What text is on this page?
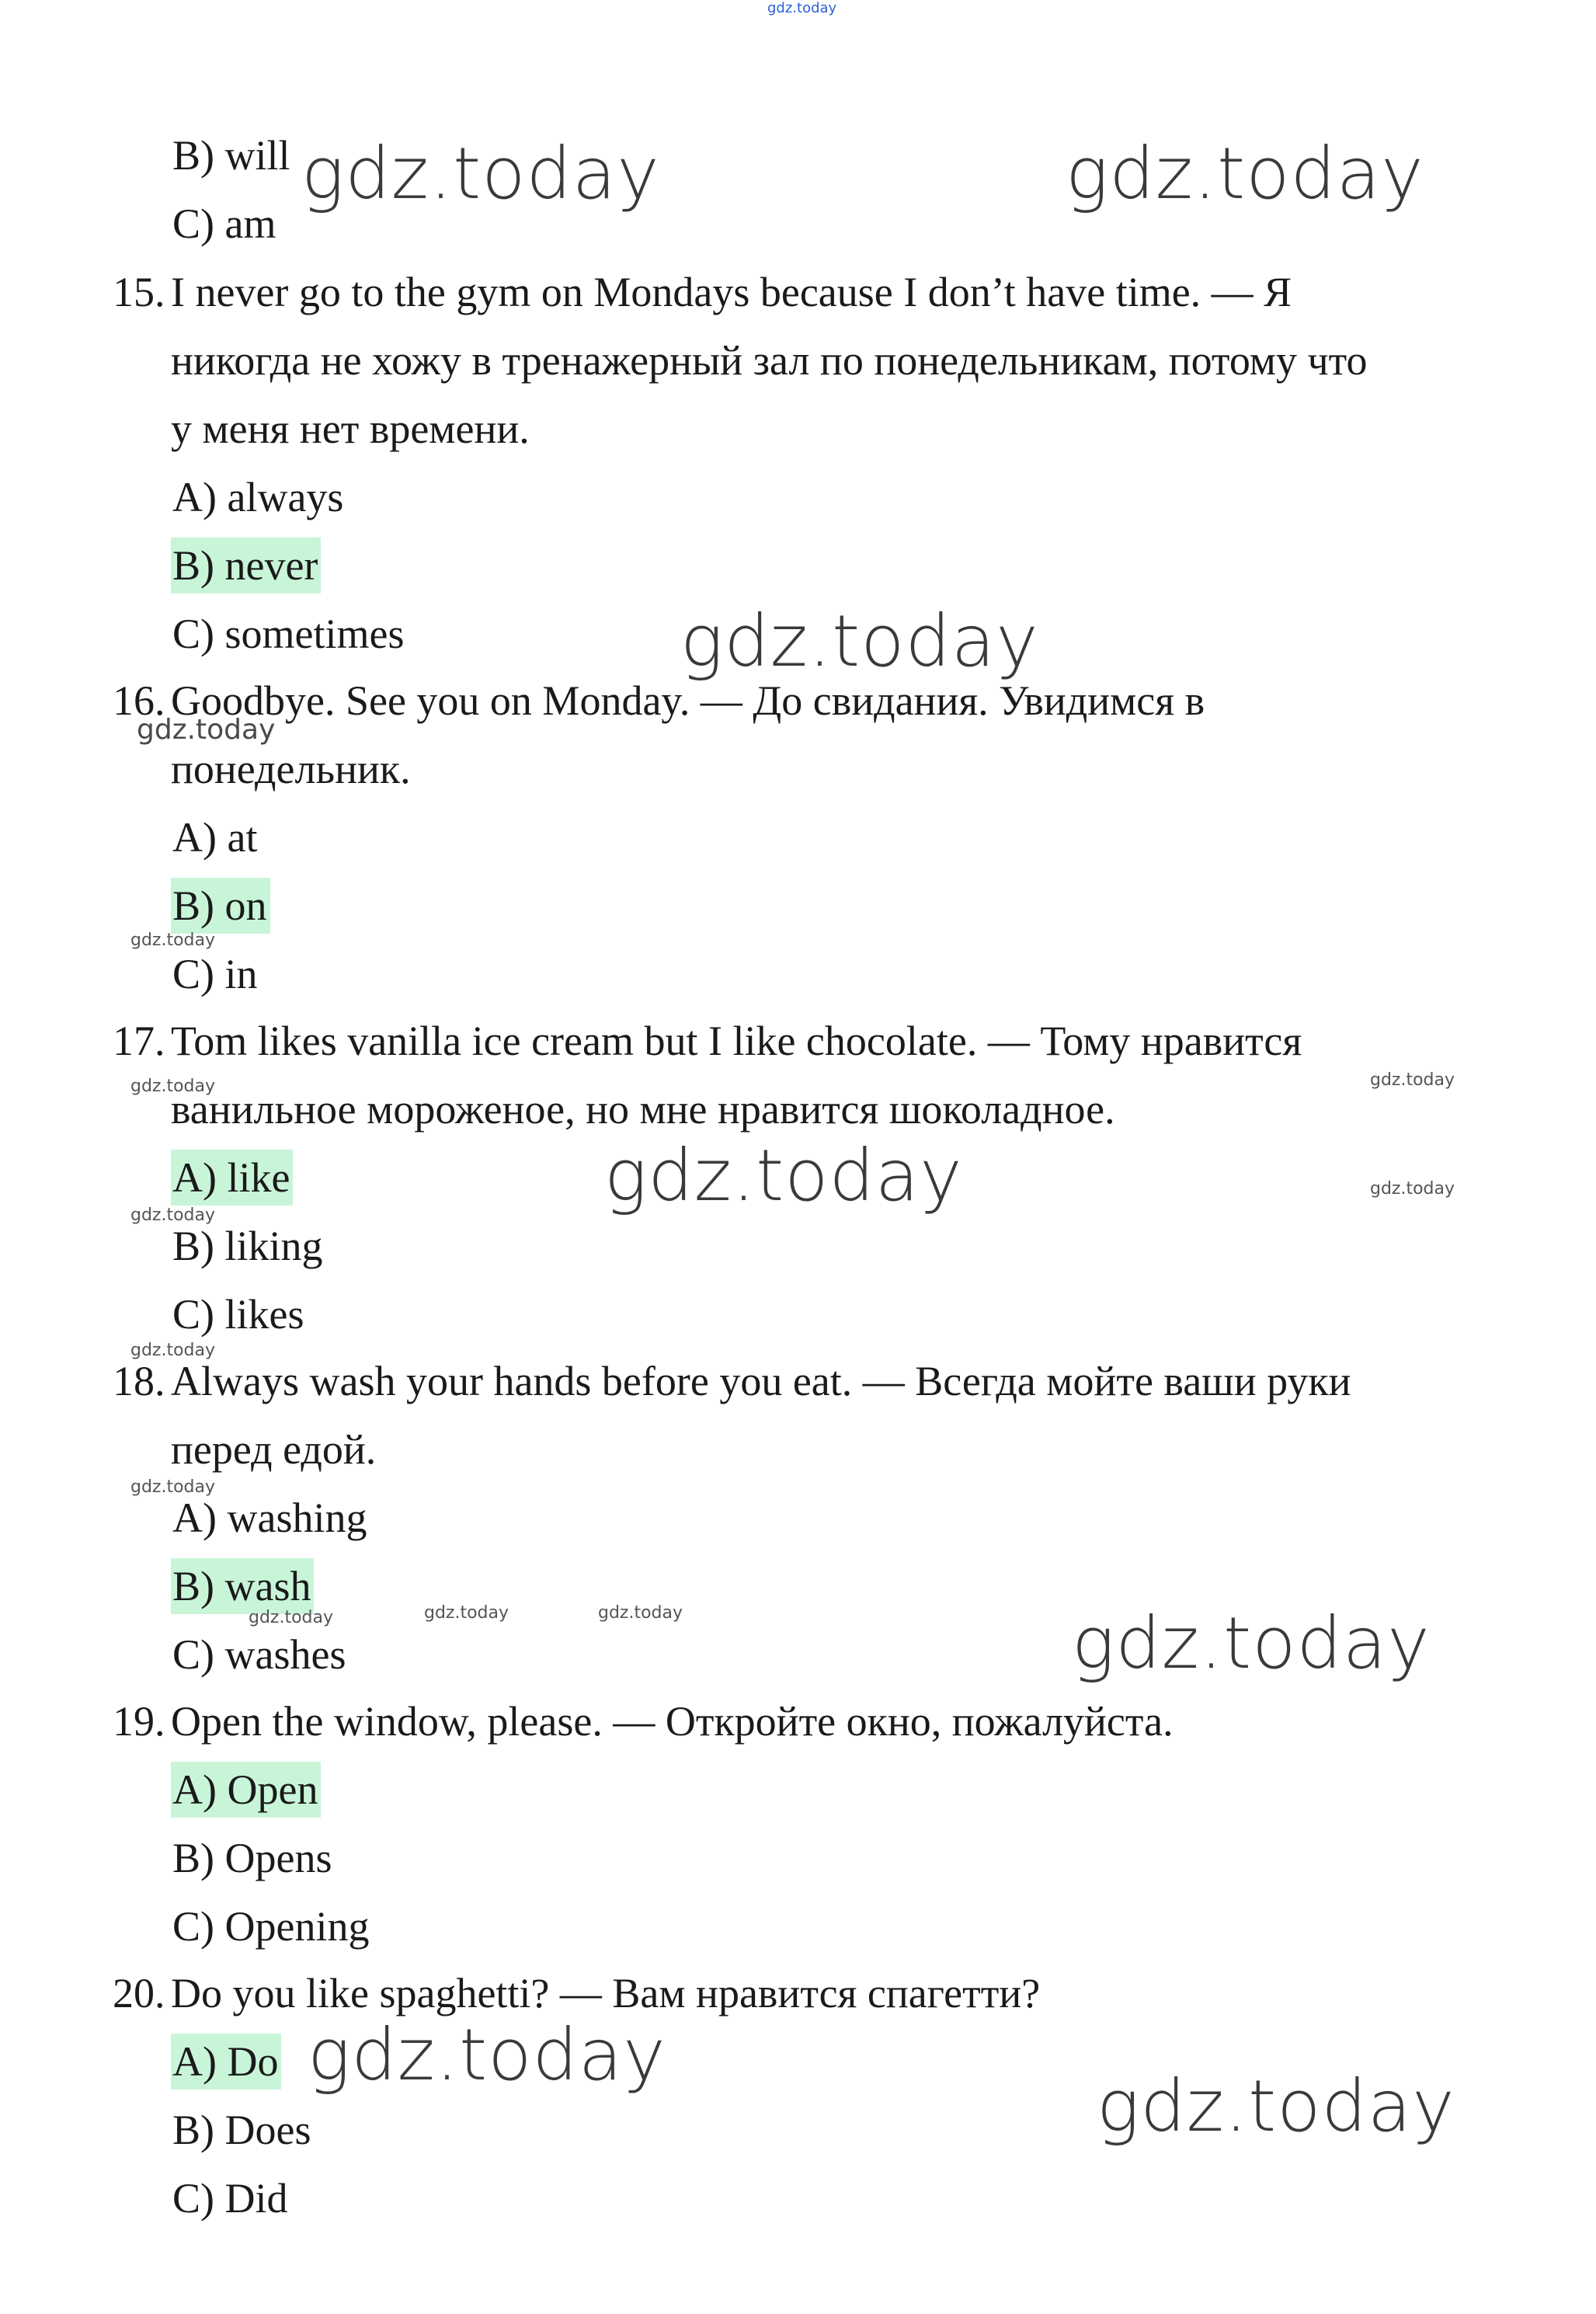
gdz.today
B) will
C) am
15. I never go to the gym on Mondays because I don’t have time. — Я
никогда не хожу в тренажерный зал по понедельникам, потому что
у меня нет времени.
A) always
B) never
C) sometimes
16. Goodbye. See you on Monday. — До свидания. Увидимся в
понедельник.
A) at
B) on
C) in
17. Tom likes vanilla ice cream but I like chocolate. — Тому нравится
ванильное мороженое, но мне нравится шоколадное.
A) like
B) liking
C) likes
18. Always wash your hands before you eat. — Всегда мойте ваши руки
перед едой.
A) washing
B) wash
C) washes
19. Open the window, please. — Откройте окно, пожалуйста.
A) Open
B) Opens
C) Opening
20. Do you like spaghetti? — Вам нравится спагетти?
A) Do
B) Does
C) Did
gdz.today	gdz.today
gdz.today
gdz.today
gdz.today
gdz.today
gdz.today
gdz.today
gdz.today
gdz.today	gdz.today
gdz.today
gdz.today
gdz.today
gdz.today
gdz.today	gdz.today	gdz.today
